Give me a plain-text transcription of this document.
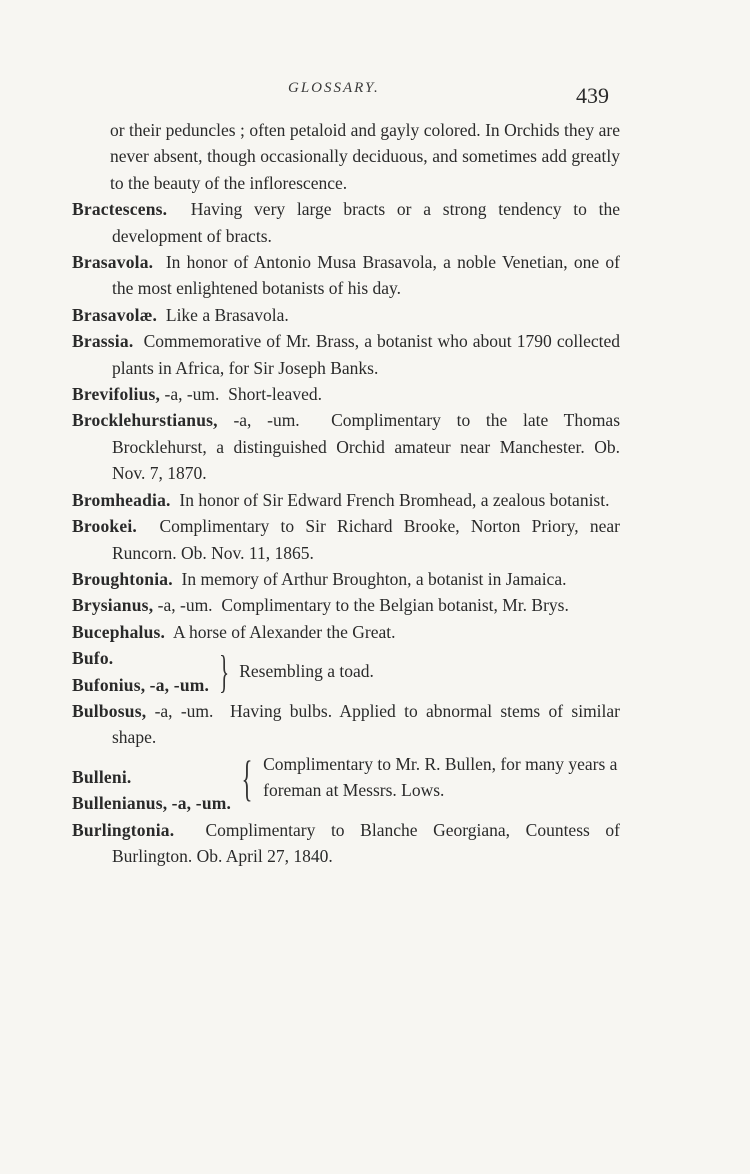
GLOSSARY.	439
or their peduncles ; often petaloid and gayly colored. In Orchids they are never absent, though occasionally deciduous, and sometimes add greatly to the beauty of the inflorescence.
Bractescens. Having very large bracts or a strong tendency to the development of bracts.
Brasavola. In honor of Antonio Musa Brasavola, a noble Venetian, one of the most enlightened botanists of his day.
Brasavolæ. Like a Brasavola.
Brassia. Commemorative of Mr. Brass, a botanist who about 1790 collected plants in Africa, for Sir Joseph Banks.
Brevifolius, -a, -um. Short-leaved.
Brocklehurstianus, -a, -um. Complimentary to the late Thomas Brocklehurst, a distinguished Orchid amateur near Manchester. Ob. Nov. 7, 1870.
Bromheadia. In honor of Sir Edward French Bromhead, a zealous botanist.
Brookei. Complimentary to Sir Richard Brooke, Norton Priory, near Runcorn. Ob. Nov. 11, 1865.
Broughtonia. In memory of Arthur Broughton, a botanist in Jamaica.
Brysianus, -a, -um. Complimentary to the Belgian botanist, Mr. Brys.
Bucephalus. A horse of Alexander the Great.
Bufo.
Bufonius, -a, -um. } Resembling a toad.
Bulbosus, -a, -um. Having bulbs. Applied to abnormal stems of similar shape.
Bulleni.
Bullenianus, -a, -um. { Complimentary to Mr. R. Bullen, for many years a foreman at Messrs. Lows.
Burlingtonia. Complimentary to Blanche Georgiana, Countess of Burlington. Ob. April 27, 1840.
